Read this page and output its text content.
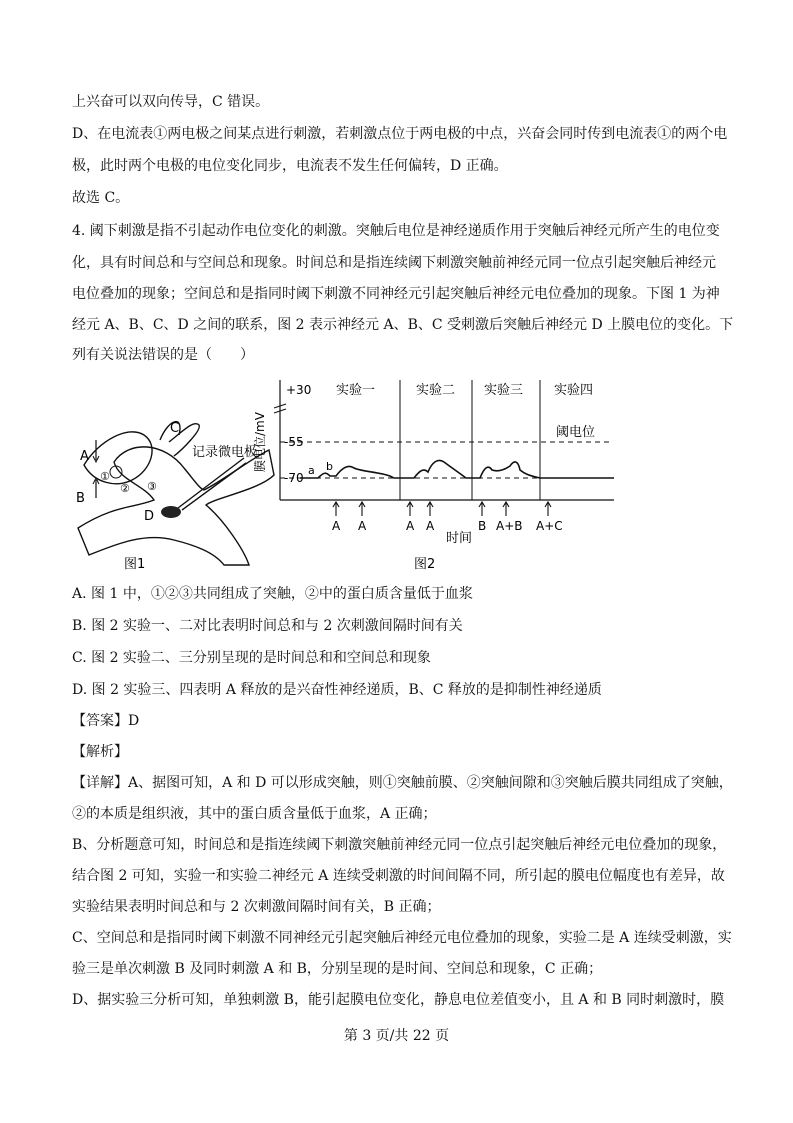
上兴奋可以双向传导，C 错误。
D、在电流表①两电极之间某点进行刺激，若刺激点位于两电极的中点，兴奋会同时传到电流表①的两个电
极，此时两个电极的电位变化同步，电流表不发生任何偏转，D 正确。
故选 C。
4. 阈下刺激是指不引起动作电位变化的刺激。突触后电位是神经递质作用于突触后神经元所产生的电位变
化，具有时间总和与空间总和现象。时间总和是指连续阈下刺激突触前神经元同一位点引起突触后神经元
电位叠加的现象；空间总和是指同时阈下刺激不同神经元引起突触后神经元电位叠加的现象。下图 1 为神
经元 A、B、C、D 之间的联系，图 2 表示神经元 A、B、C 受刺激后突触后神经元 D 上膜电位的变化。下
列有关说法错误的是（　　）
A
B
C
D
①
② ③
记录微电极
图1
+30
-55
-70
a b
阈电位
实验一	实验二 实验三 实验四
膜电位/mV
A A	A A	B A+B A+C
时间
图2
A. 图 1 中，①②③共同组成了突触，②中的蛋白质含量低于血浆
B. 图 2 实验一、二对比表明时间总和与 2 次刺激间隔时间有关
C. 图 2 实验二、三分别呈现的是时间总和和空间总和现象
D. 图 2 实验三、四表明 A 释放的是兴奋性神经递质，B、C 释放的是抑制性神经递质
【答案】D
【解析】
【详解】A、据图可知，A 和 D 可以形成突触，则①突触前膜、②突触间隙和③突触后膜共同组成了突触，
②的本质是组织液，其中的蛋白质含量低于血浆，A 正确；
B、分析题意可知，时间总和是指连续阈下刺激突触前神经元同一位点引起突触后神经元电位叠加的现象，
结合图 2 可知，实验一和实验二神经元 A 连续受刺激的时间间隔不同，所引起的膜电位幅度也有差异，故
实验结果表明时间总和与 2 次刺激间隔时间有关，B 正确；
C、空间总和是指同时阈下刺激不同神经元引起突触后神经元电位叠加的现象，实验二是 A 连续受刺激，实
验三是单次刺激 B 及同时刺激 A 和 B，分别呈现的是时间、空间总和现象，C 正确；
D、据实验三分析可知，单独刺激 B，能引起膜电位变化，静息电位差值变小，且 A 和 B 同时刺激时，膜
第 3 页/共 22 页
